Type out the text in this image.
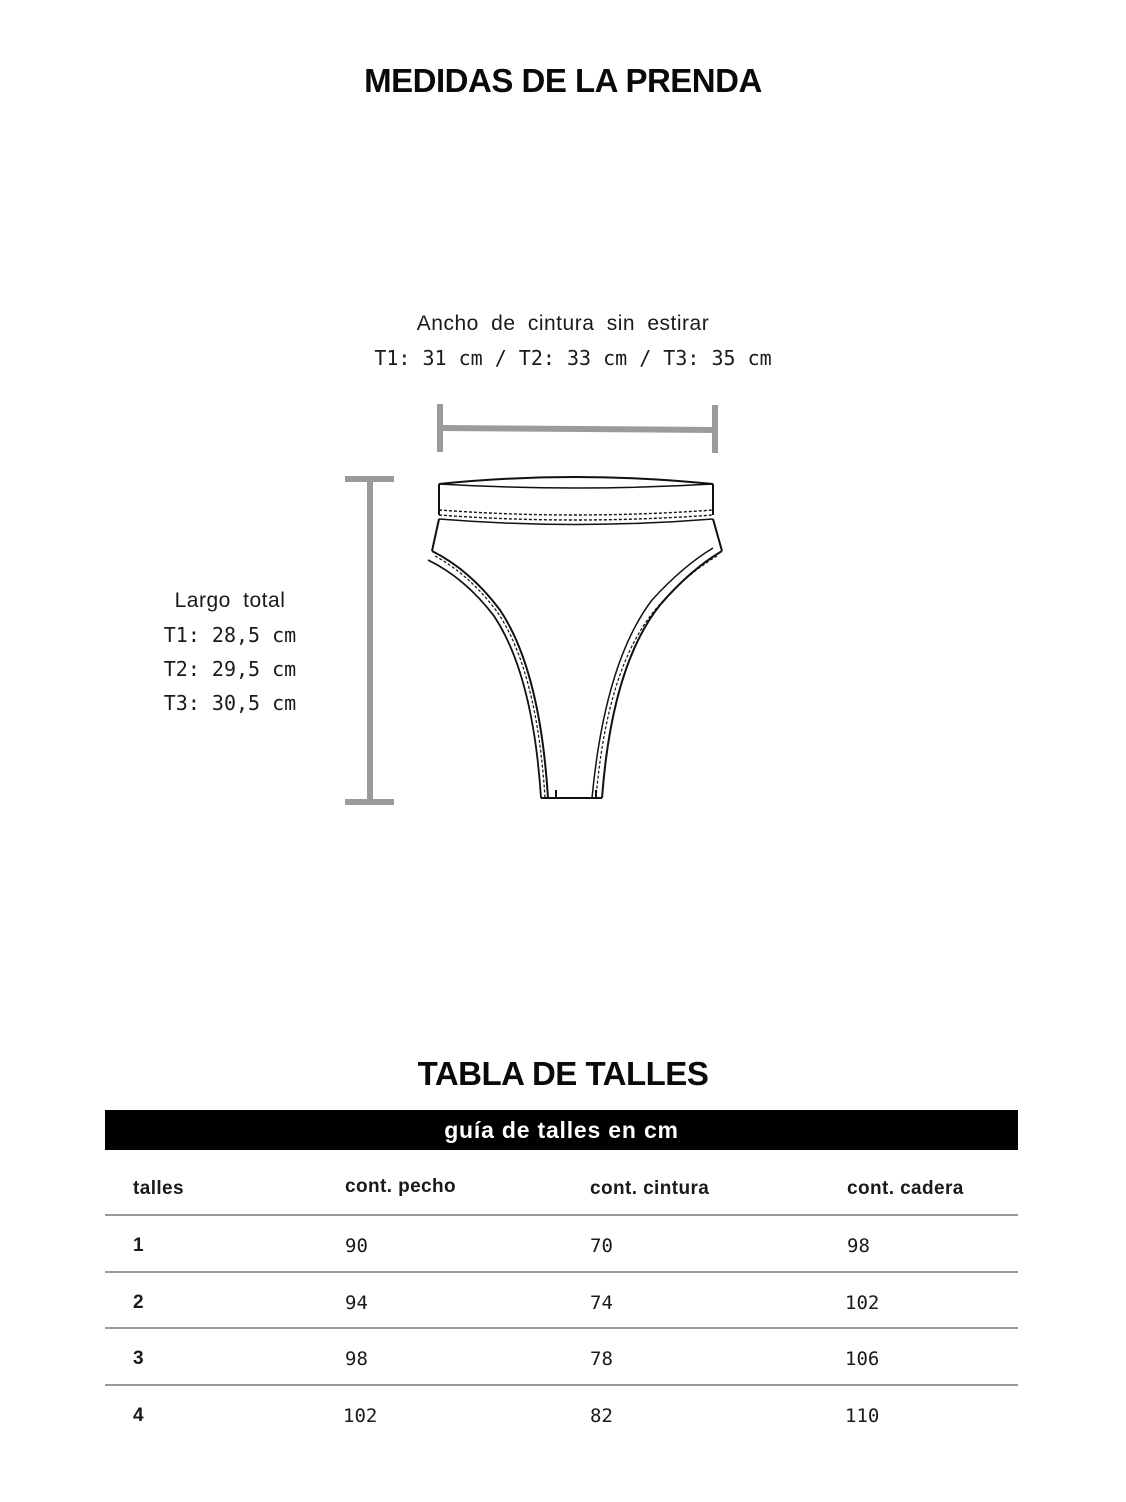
MEDIDAS DE LA PRENDA
Ancho de cintura sin estirar
T1: 31 cm / T2: 33 cm / T3: 35 cm
Largo total
T1: 28,5 cm
T2: 29,5 cm
T3: 30,5 cm
TABLA DE TALLES
guía de talles en cm
talles	cont. pecho	cont. cintura	cont. cadera
1	90	70	98
2	94	74	102
3	98	78	106
4	102	82	110
